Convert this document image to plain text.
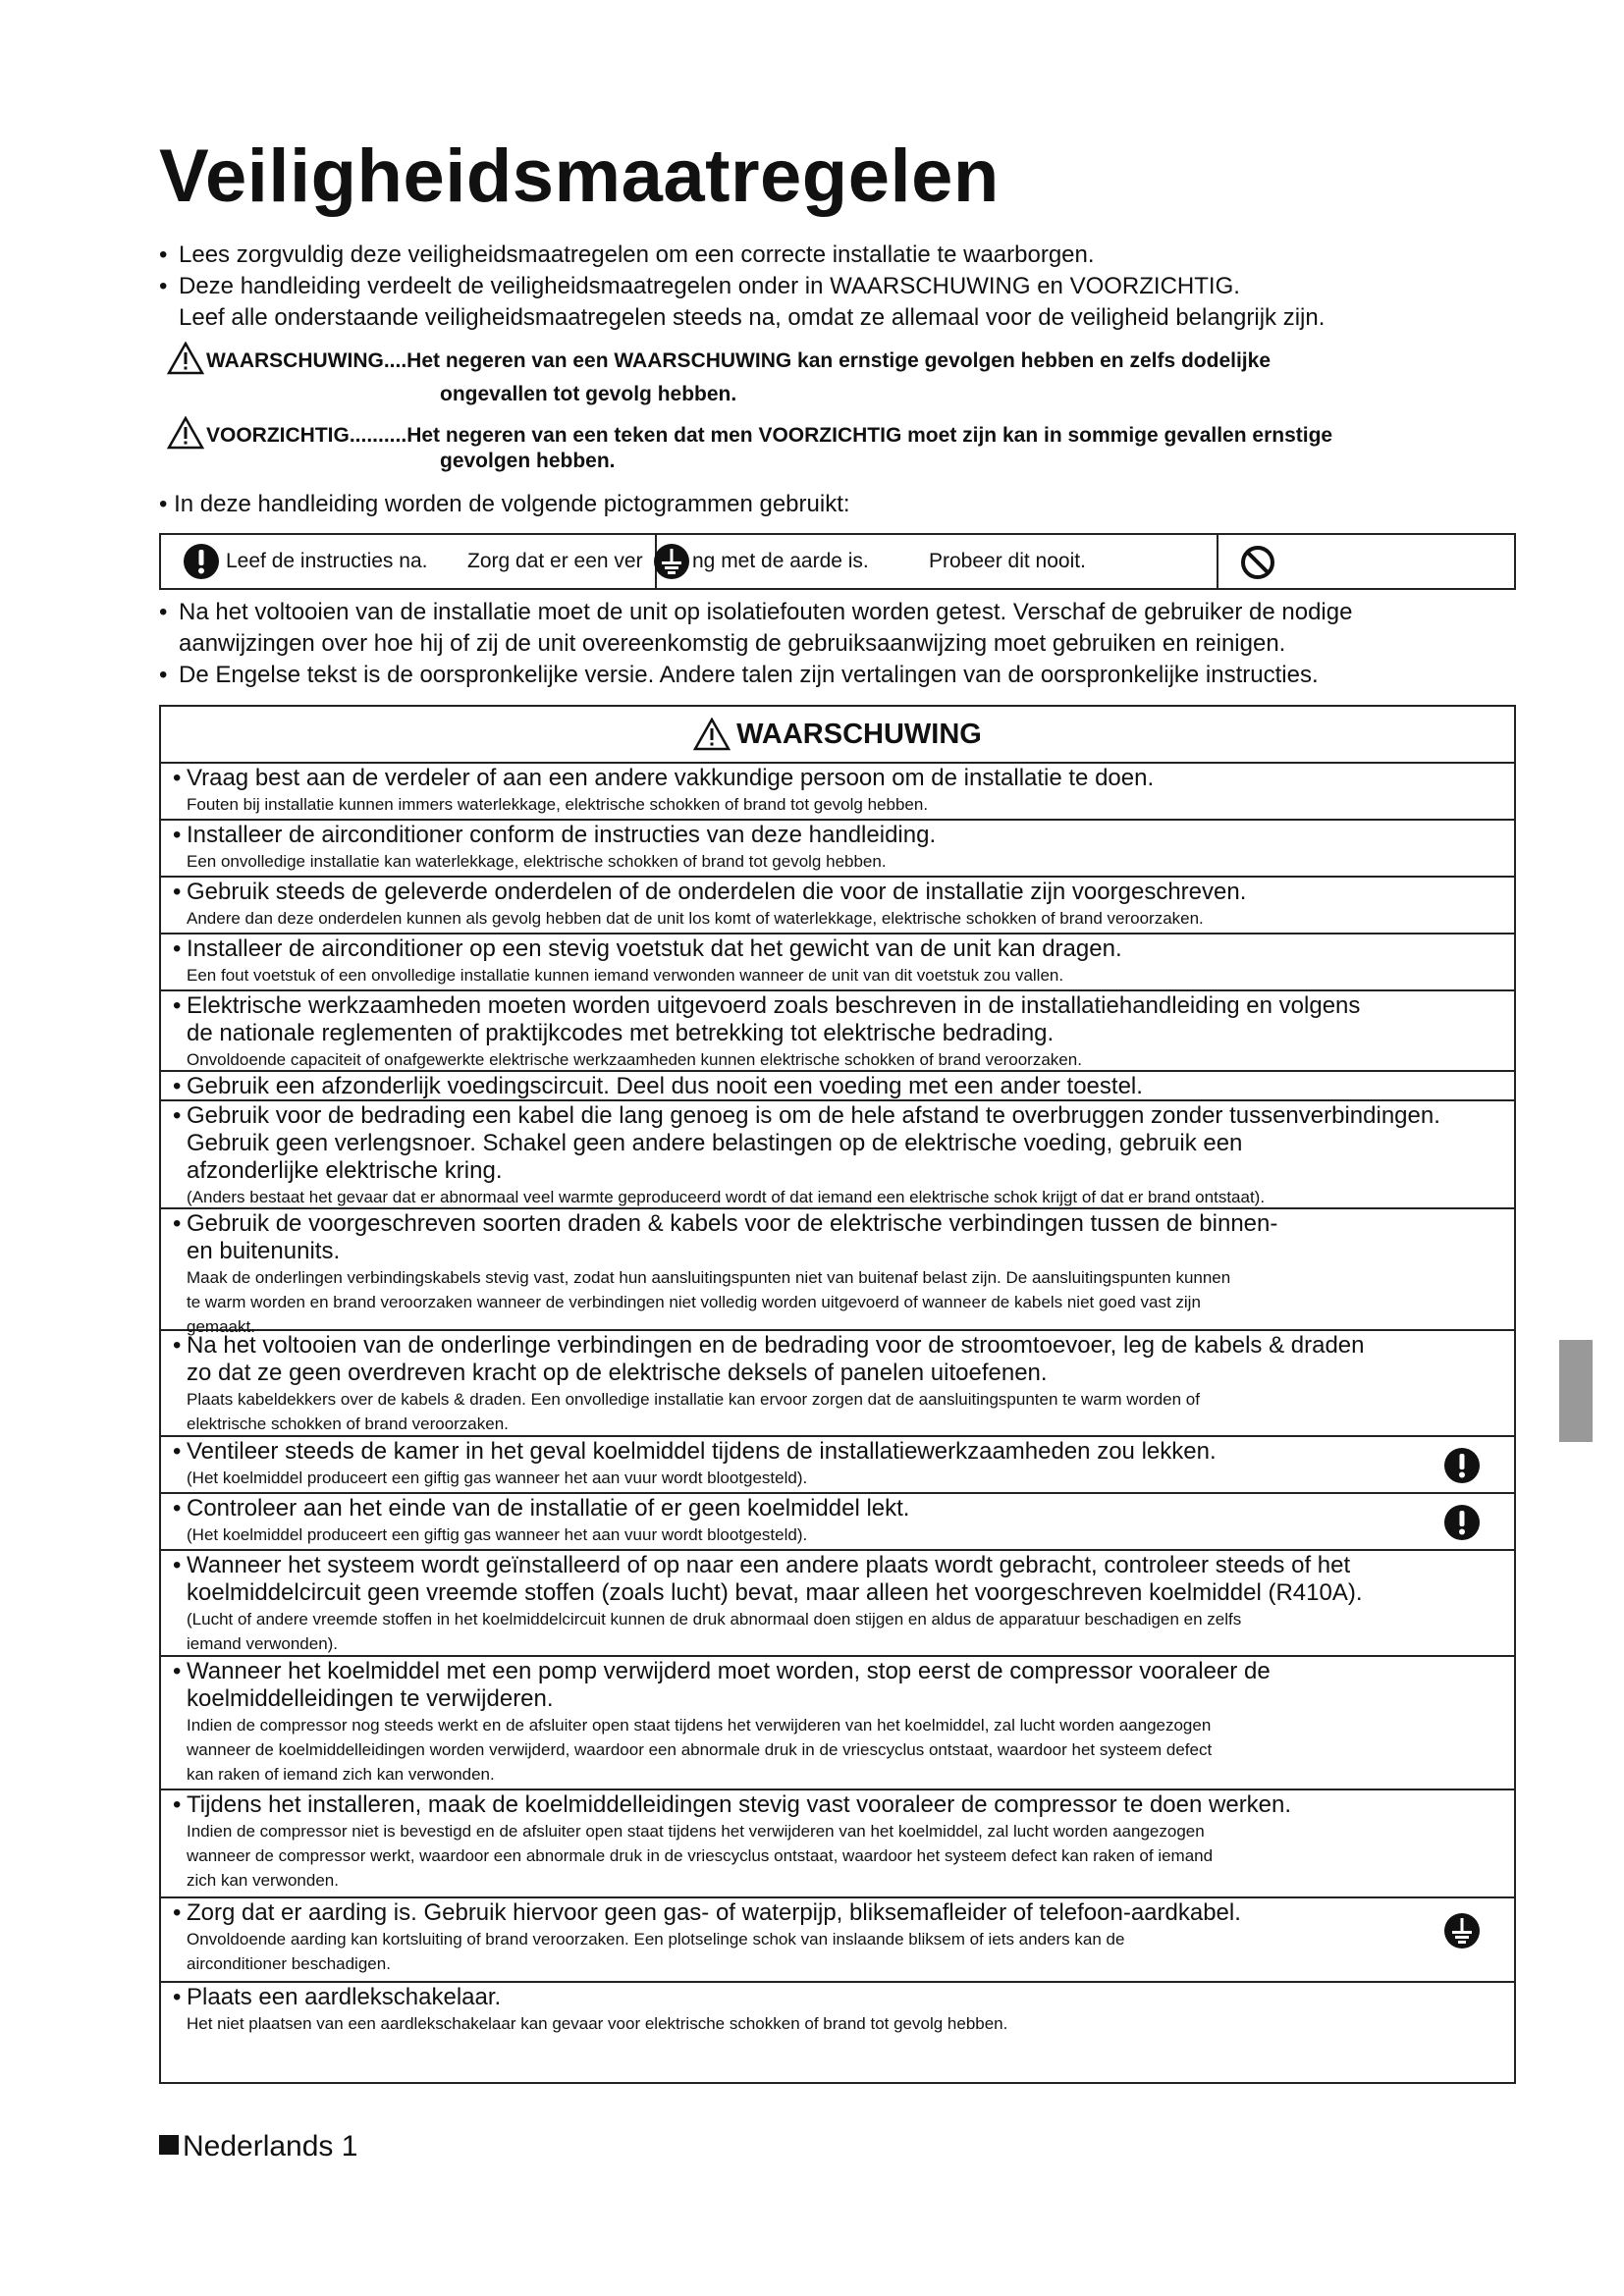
Veiligheidsmaatregelen
• Lees zorgvuldig deze veiligheidsmaatregelen om een correcte installatie te waarborgen.
• Deze handleiding verdeelt de veiligheidsmaatregelen onder in WAARSCHUWING en VOORZICHTIG.
Leef alle onderstaande veiligheidsmaatregelen steeds na, omdat ze allemaal voor de veiligheid belangrijk zijn.
WAARSCHUWING....Het negeren van een WAARSCHUWING kan ernstige gevolgen hebben en zelfs dodelijke
ongevallen tot gevolg hebben.
VOORZICHTIG..........Het negeren van een teken dat men VOORZICHTIG moet zijn kan in sommige gevallen ernstige
gevolgen hebben.
• In deze handleiding worden de volgende pictogrammen gebruikt:
Leef de instructies na. Zorg dat er een ver ng met de aarde is.	Probeer dit nooit.
• Na het voltooien van de installatie moet de unit op isolatiefouten worden getest. Verschaf de gebruiker de nodige
aanwijzingen over hoe hij of zij de unit overeenkomstig de gebruiksaanwijzing moet gebruiken en reinigen.
• De Engelse tekst is de oorspronkelijke versie. Andere talen zijn vertalingen van de oorspronkelijke instructies.
WAARSCHUWING
• Vraag best aan de verdeler of aan een andere vakkundige persoon om de installatie te doen.
Fouten bij installatie kunnen immers waterlekkage, elektrische schokken of brand tot gevolg hebben.
• Installeer de airconditioner conform de instructies van deze handleiding.
Een onvolledige installatie kan waterlekkage, elektrische schokken of brand tot gevolg hebben.
• Gebruik steeds de geleverde onderdelen of de onderdelen die voor de installatie zijn voorgeschreven.
Andere dan deze onderdelen kunnen als gevolg hebben dat de unit los komt of waterlekkage, elektrische schokken of brand veroorzaken.
• Installeer de airconditioner op een stevig voetstuk dat het gewicht van de unit kan dragen.
Een fout voetstuk of een onvolledige installatie kunnen iemand verwonden wanneer de unit van dit voetstuk zou vallen.
• Elektrische werkzaamheden moeten worden uitgevoerd zoals beschreven in de installatiehandleiding en volgens
de nationale reglementen of praktijkcodes met betrekking tot elektrische bedrading.
Onvoldoende capaciteit of onafgewerkte elektrische werkzaamheden kunnen elektrische schokken of brand veroorzaken.
• Gebruik een afzonderlijk voedingscircuit. Deel dus nooit een voeding met een ander toestel.
• Gebruik voor de bedrading een kabel die lang genoeg is om de hele afstand te overbruggen zonder tussenverbindingen.
Gebruik geen verlengsnoer. Schakel geen andere belastingen op de elektrische voeding, gebruik een
afzonderlijke elektrische kring.
(Anders bestaat het gevaar dat er abnormaal veel warmte geproduceerd wordt of dat iemand een elektrische schok krijgt of dat er brand ontstaat).
• Gebruik de voorgeschreven soorten draden & kabels voor de elektrische verbindingen tussen de binnen-
en buitenunits.
Maak de onderlingen verbindingskabels stevig vast, zodat hun aansluitingspunten niet van buitenaf belast zijn. De aansluitingspunten kunnen
te warm worden en brand veroorzaken wanneer de verbindingen niet volledig worden uitgevoerd of wanneer de kabels niet goed vast zijn
gemaakt.
• Na het voltooien van de onderlinge verbindingen en de bedrading voor de stroomtoevoer, leg de kabels & draden
zo dat ze geen overdreven kracht op de elektrische deksels of panelen uitoefenen.
Plaats kabeldekkers over de kabels & draden. Een onvolledige installatie kan ervoor zorgen dat de aansluitingspunten te warm worden of
elektrische schokken of brand veroorzaken.
• Ventileer steeds de kamer in het geval koelmiddel tijdens de installatiewerkzaamheden zou lekken.
(Het koelmiddel produceert een giftig gas wanneer het aan vuur wordt blootgesteld).
• Controleer aan het einde van de installatie of er geen koelmiddel lekt.
(Het koelmiddel produceert een giftig gas wanneer het aan vuur wordt blootgesteld).
• Wanneer het systeem wordt geïnstalleerd of op naar een andere plaats wordt gebracht, controleer steeds of het
koelmiddelcircuit geen vreemde stoffen (zoals lucht) bevat, maar alleen het voorgeschreven koelmiddel (R410A).
(Lucht of andere vreemde stoffen in het koelmiddelcircuit kunnen de druk abnormaal doen stijgen en aldus de apparatuur beschadigen en zelfs
iemand verwonden).
• Wanneer het koelmiddel met een pomp verwijderd moet worden, stop eerst de compressor vooraleer de
koelmiddelleidingen te verwijderen.
Indien de compressor nog steeds werkt en de afsluiter open staat tijdens het verwijderen van het koelmiddel, zal lucht worden aangezogen
wanneer de koelmiddelleidingen worden verwijderd, waardoor een abnormale druk in de vriescyclus ontstaat, waardoor het systeem defect
kan raken of iemand zich kan verwonden.
• Tijdens het installeren, maak de koelmiddelleidingen stevig vast vooraleer de compressor te doen werken.
Indien de compressor niet is bevestigd en de afsluiter open staat tijdens het verwijderen van het koelmiddel, zal lucht worden aangezogen
wanneer de compressor werkt, waardoor een abnormale druk in de vriescyclus ontstaat, waardoor het systeem defect kan raken of iemand
zich kan verwonden.
• Zorg dat er aarding is. Gebruik hiervoor geen gas- of waterpijp, bliksemafleider of telefoon-aardkabel.
Onvoldoende aarding kan kortsluiting of brand veroorzaken. Een plotselinge schok van inslaande bliksem of iets anders kan de
airconditioner beschadigen.
• Plaats een aardlekschakelaar.
Het niet plaatsen van een aardlekschakelaar kan gevaar voor elektrische schokken of brand tot gevolg hebben.
Nederlands 1
